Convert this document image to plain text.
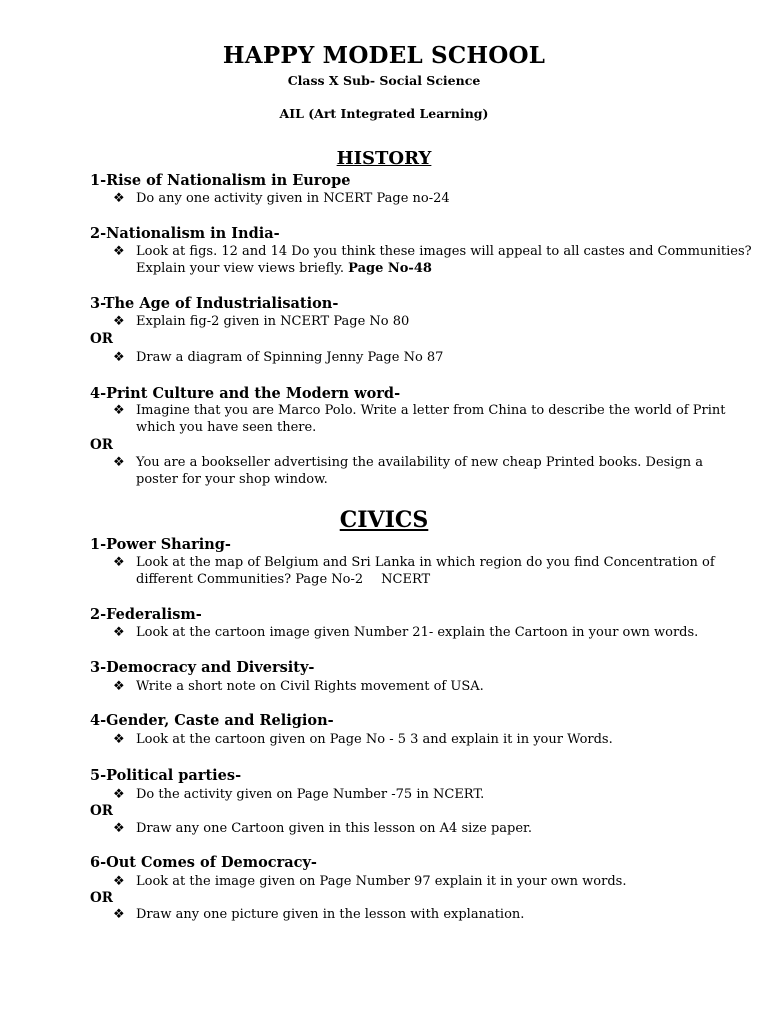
HAPPY MODEL SCHOOL
Class X Sub- Social Science
AIL (Art Integrated Learning)
HISTORY
1-Rise of Nationalism in Europe
❖ Do any one activity given in NCERT Page no-24
2-Nationalism in India-
❖ Look at figs. 12 and 14 Do you think these images will appeal to all castes and Communities?
Explain your view views briefly. Page No-48
3-The Age of Industrialisation-
❖ Explain fig-2 given in NCERT Page No 80
OR
❖ Draw a diagram of Spinning Jenny Page No 87
4-Print Culture and the Modern word-
❖ Imagine that you are Marco Polo. Write a letter from China to describe the world of Print
which you have seen there.
OR
❖ You are a bookseller advertising the availability of new cheap Printed books. Design a
poster for your shop window.
CIVICS
1-Power Sharing-
❖ Look at the map of Belgium and Sri Lanka in which region do you find Concentration of
different Communities? Page No-2 NCERT
2-Federalism-
❖ Look at the cartoon image given Number 21- explain the Cartoon in your own words.
3-Democracy and Diversity-
❖ Write a short note on Civil Rights movement of USA.
4-Gender, Caste and Religion-
❖ Look at the cartoon given on Page No - 5 3 and explain it in your Words.
5-Political parties-
❖ Do the activity given on Page Number -75 in NCERT.
OR
❖ Draw any one Cartoon given in this lesson on A4 size paper.
6-Out Comes of Democracy-
❖ Look at the image given on Page Number 97 explain it in your own words.
OR
❖ Draw any one picture given in the lesson with explanation.
